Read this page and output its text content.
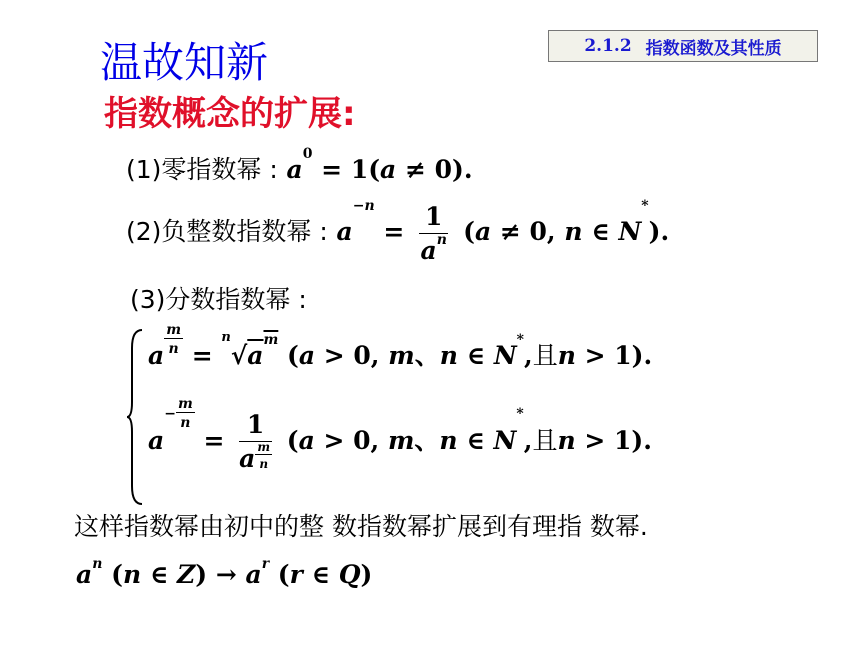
温故知新	2.1.2 指数函数及其性质
指数概念的扩展:
(1)零指数幂 : $a^0 = 1(a \ne 0)$.
(2)负整数指数幂 : $a^{-n} = \frac{1}{a^n} (a \ne 0$, n ∈ N*).
(3)分数指数幂 :
a $^{\frac{m}{n}} = ^n√a^m$ (a > 0, m、n ∈ N*,且n > 1).
$a^{- \frac{m}{n}}$
= 1
a $^{\frac{m}{n}}$ (a > 0, m、n ∈ N*,且n > 1).
这样指数幂由初中的整 数指数幂扩展到有理指 数幂.
$a^n$ (n ∈ $Z) \to a^r$ (r ∈ Q)
